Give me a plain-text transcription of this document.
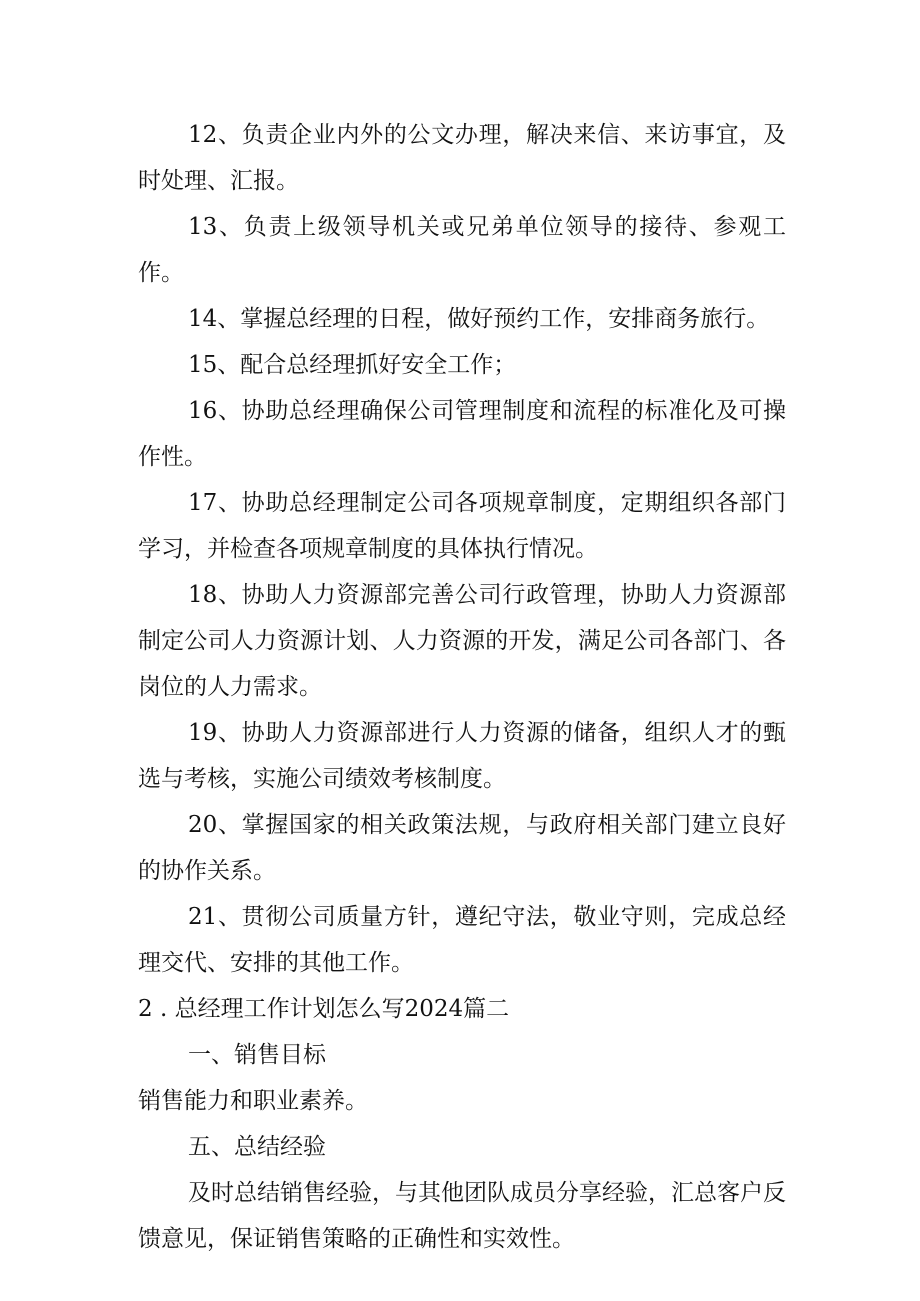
12、负责企业内外的公文办理，解决来信、来访事宜，及时处理、汇报。

13、负责上级领导机关或兄弟单位领导的接待、参观工作。

14、掌握总经理的日程，做好预约工作，安排商务旅行。

15、配合总经理抓好安全工作；

16、协助总经理确保公司管理制度和流程的标准化及可操作性。

17、协助总经理制定公司各项规章制度，定期组织各部门学习，并检查各项规章制度的具体执行情况。

18、协助人力资源部完善公司行政管理，协助人力资源部制定公司人力资源计划、人力资源的开发，满足公司各部门、各岗位的人力需求。

19、协助人力资源部进行人力资源的储备，组织人才的甄选与考核，实施公司绩效考核制度。

20、掌握国家的相关政策法规，与政府相关部门建立良好的协作关系。

21、贯彻公司质量方针，遵纪守法，敬业守则，完成总经理交代、安排的其他工作。

2 . 总经理工作计划怎么写2024篇二

一、销售目标

销售能力和职业素养。

五、总结经验

及时总结销售经验，与其他团队成员分享经验，汇总客户反馈意见，保证销售策略的正确性和实效性。
